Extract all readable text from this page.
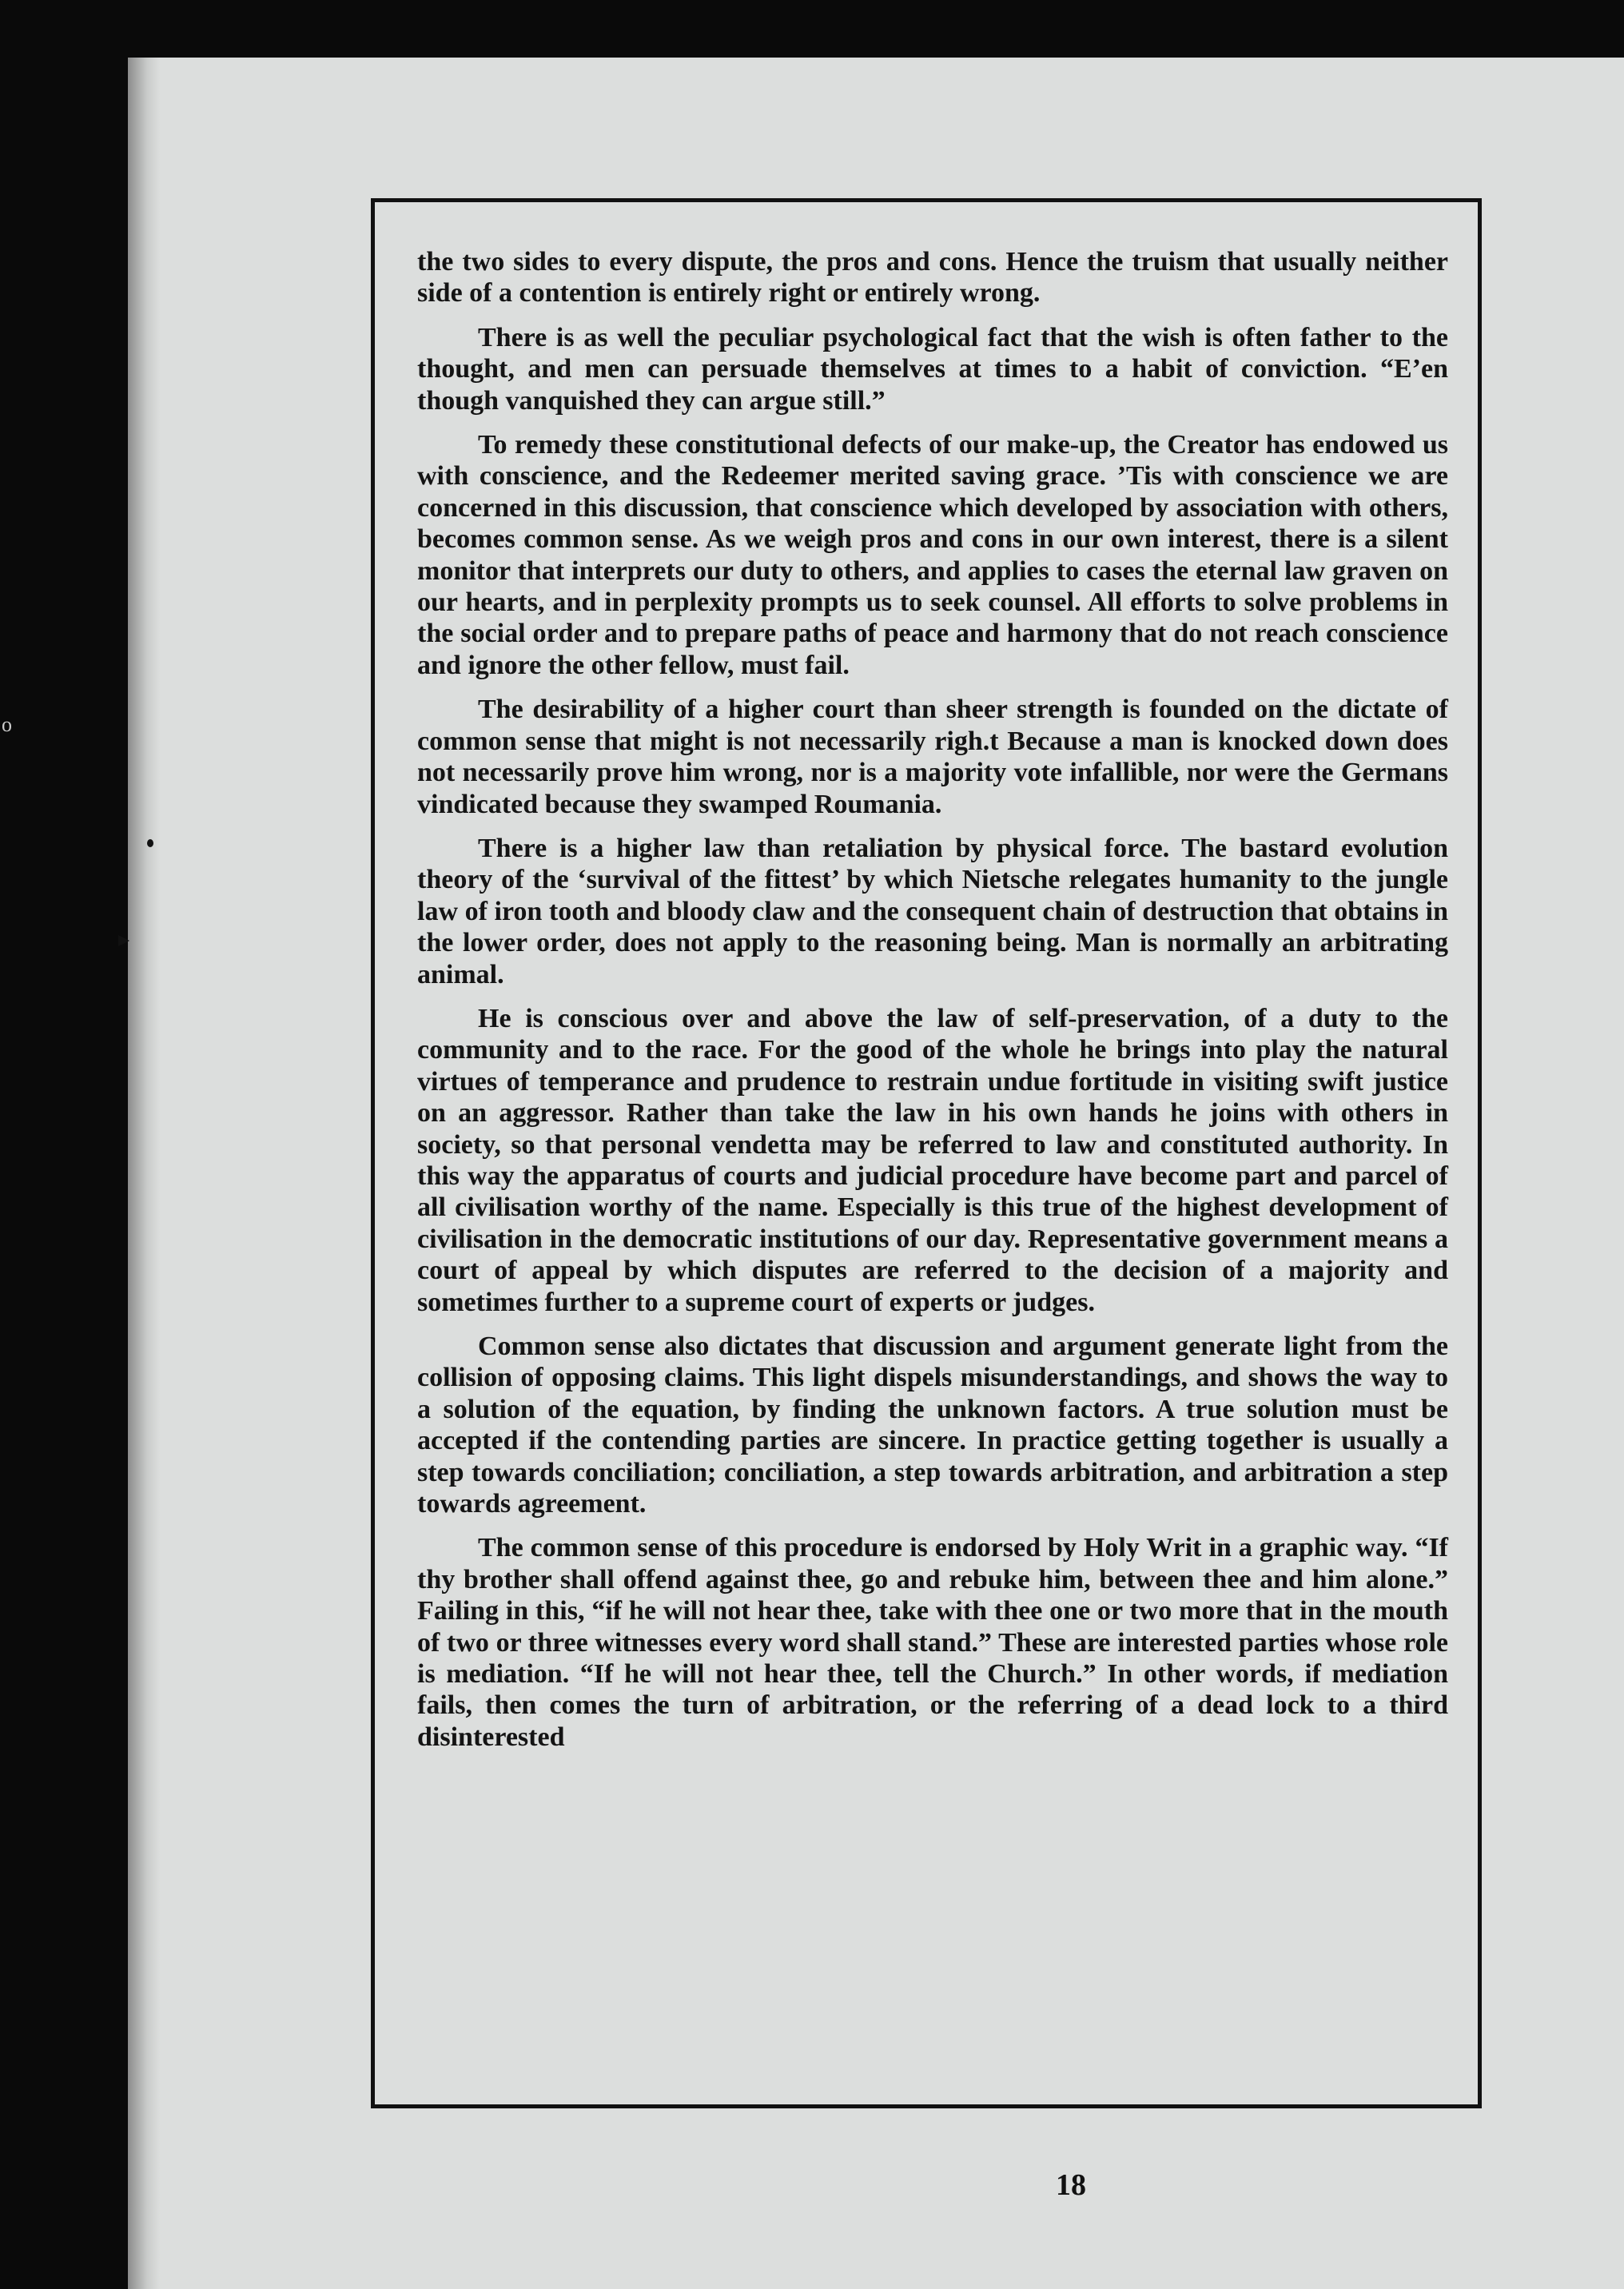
o

the two sides to every dispute, the pros and cons. Hence the truism that usually neither side of a contention is entirely right or entirely wrong.

There is as well the peculiar psychological fact that the wish is often father to the thought, and men can persuade themselves at times to a habit of conviction. “E’en though vanquished they can argue still.”

To remedy these constitutional defects of our make-up, the Creator has endowed us with conscience, and the Redeemer merited saving grace. ’Tis with conscience we are concerned in this discussion, that conscience which developed by association with others, becomes common sense. As we weigh pros and cons in our own interest, there is a silent monitor that interprets our duty to others, and applies to cases the eternal law graven on our hearts, and in perplexity prompts us to seek counsel. All efforts to solve problems in the social order and to prepare paths of peace and harmony that do not reach conscience and ignore the other fellow, must fail.

The desirability of a higher court than sheer strength is founded on the dictate of common sense that might is not necessarily righ.t Because a man is knocked down does not necessarily prove him wrong, nor is a majority vote infallible, nor were the Germans vindicated because they swamped Roumania.

There is a higher law than retaliation by physical force. The bastard evolution theory of the ‘survival of the fittest’ by which Nietsche relegates humanity to the jungle law of iron tooth and bloody claw and the consequent chain of destruction that obtains in the lower order, does not apply to the reasoning being. Man is normally an arbitrating animal.

He is conscious over and above the law of self-preservation, of a duty to the community and to the race. For the good of the whole he brings into play the natural virtues of temperance and prudence to restrain undue fortitude in visiting swift justice on an aggressor. Rather than take the law in his own hands he joins with others in society, so that personal vendetta may be referred to law and constituted authority. In this way the apparatus of courts and judicial procedure have become part and parcel of all civilisation worthy of the name. Especially is this true of the highest development of civilisation in the democratic institutions of our day. Representative government means a court of appeal by which disputes are referred to the decision of a majority and sometimes further to a supreme court of experts or judges.

Common sense also dictates that discussion and argument generate light from the collision of opposing claims. This light dispels misunderstandings, and shows the way to a solution of the equation, by finding the unknown factors. A true solution must be accepted if the contending parties are sincere. In practice getting together is usually a step towards conciliation; conciliation, a step towards arbitration, and arbitration a step towards agreement.

The common sense of this procedure is endorsed by Holy Writ in a graphic way. “If thy brother shall offend against thee, go and rebuke him, between thee and him alone.” Failing in this, “if he will not hear thee, take with thee one or two more that in the mouth of two or three witnesses every word shall stand.” These are interested parties whose role is mediation. “If he will not hear thee, tell the Church.” In other words, if mediation fails, then comes the turn of arbitration, or the referring of a dead lock to a third disinterested

18
